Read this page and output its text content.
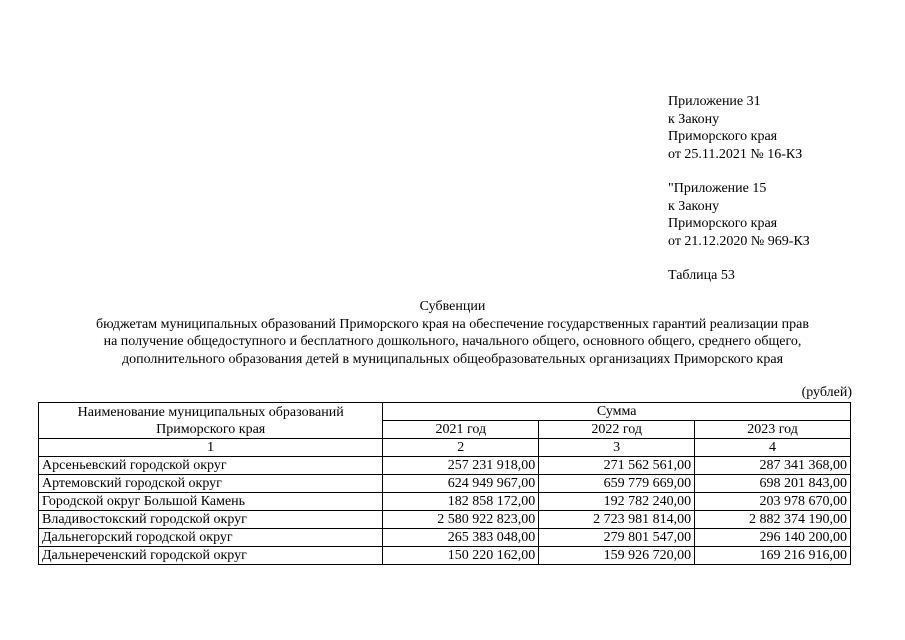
Приложение 31
к Закону
Приморского края
от 25.11.2021 № 16-КЗ
"Приложение 15
к Закону
Приморского края
от 21.12.2020 № 969-КЗ
Таблица 53
Субвенции
бюджетам муниципальных образований Приморского края на обеспечение государственных гарантий реализации прав
на получение общедоступного и бесплатного дошкольного, начального общего, основного общего, среднего общего,
дополнительного образования детей в муниципальных общеобразовательных организациях Приморского края
(рублей)
Наименование муниципальных образований Приморского края	Сумма		
	2021 год	2022 год	2023 год
1	2	3	4
Арсеньевский городской округ	257 231 918,00	271 562 561,00	287 341 368,00
Артемовский городской округ	624 949 967,00	659 779 669,00	698 201 843,00
Городской округ Большой Камень	182 858 172,00	192 782 240,00	203 978 670,00
Владивостокский городской округ	2 580 922 823,00	2 723 981 814,00	2 882 374 190,00
Дальнегорский городской округ	265 383 048,00	279 801 547,00	296 140 200,00
Дальнереченский городской округ	150 220 162,00	159 926 720,00	169 216 916,00
